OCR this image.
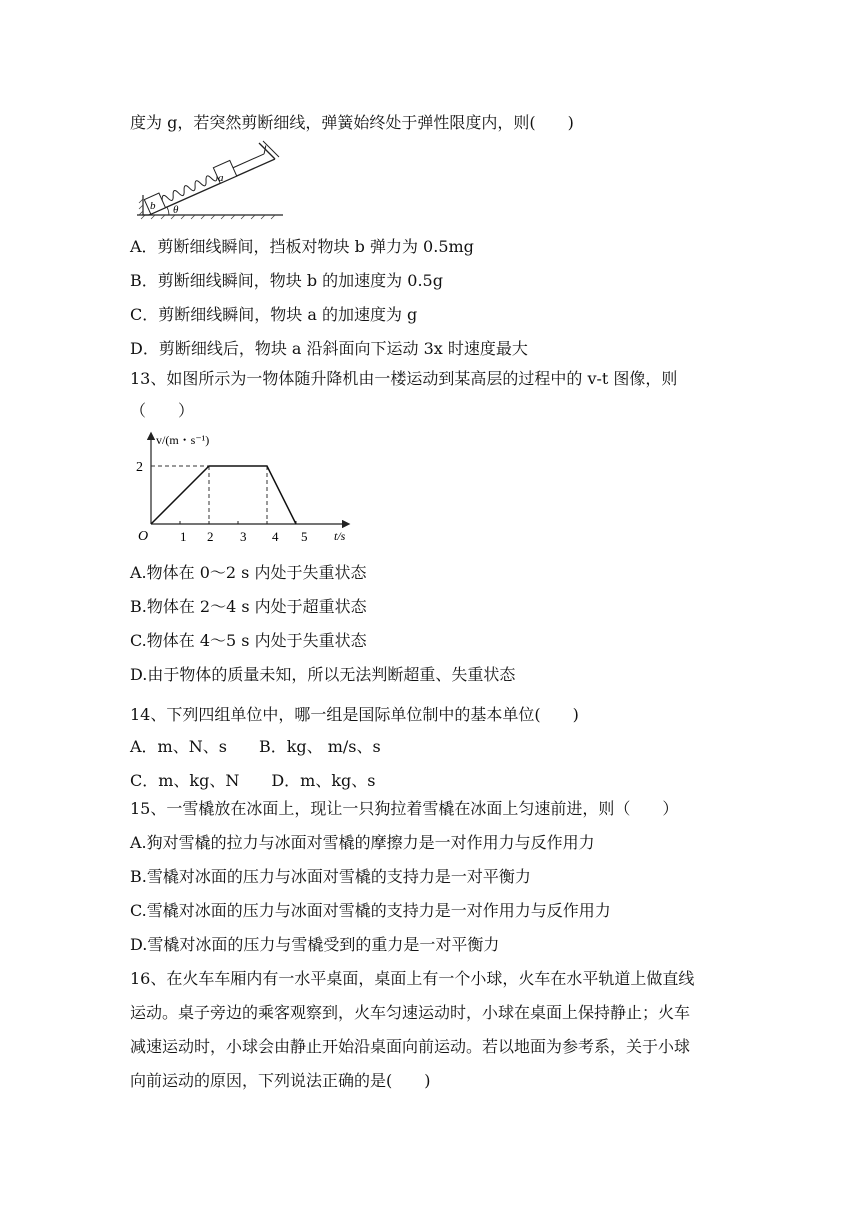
度为 g，若突然剪断细线，弹簧始终处于弹性限度内，则(　　)
b
a
θ
A．剪断细线瞬间，挡板对物块 b 弹力为 0.5mg
B．剪断细线瞬间，物块 b 的加速度为 0.5g
C．剪断细线瞬间，物块 a 的加速度为 g
D．剪断细线后，物块 a 沿斜面向下运动 3x 时速度最大
13、如图所示为一物体随升降机由一楼运动到某高层的过程中的 v-t 图像，则
（　　）
v/(m・s⁻¹)
t/s
O
2
1 2 3 4 5
A.物体在 0～2 s 内处于失重状态
B.物体在 2～4 s 内处于超重状态
C.物体在 4～5 s 内处于失重状态
D.由于物体的质量未知，所以无法判断超重、失重状态
14、下列四组单位中，哪一组是国际单位制中的基本单位(　　)
A．m、N、s　　B．kg、 m/s、s
C．m、kg、N　　D．m、kg、s
15、一雪橇放在冰面上，现让一只狗拉着雪橇在冰面上匀速前进，则（　　）
A.狗对雪橇的拉力与冰面对雪橇的摩擦力是一对作用力与反作用力
B.雪橇对冰面的压力与冰面对雪橇的支持力是一对平衡力
C.雪橇对冰面的压力与冰面对雪橇的支持力是一对作用力与反作用力
D.雪橇对冰面的压力与雪橇受到的重力是一对平衡力
16、在火车车厢内有一水平桌面，桌面上有一个小球，火车在水平轨道上做直线
运动。桌子旁边的乘客观察到，火车匀速运动时，小球在桌面上保持静止；火车
减速运动时，小球会由静止开始沿桌面向前运动。若以地面为参考系，关于小球
向前运动的原因，下列说法正确的是(　　)
